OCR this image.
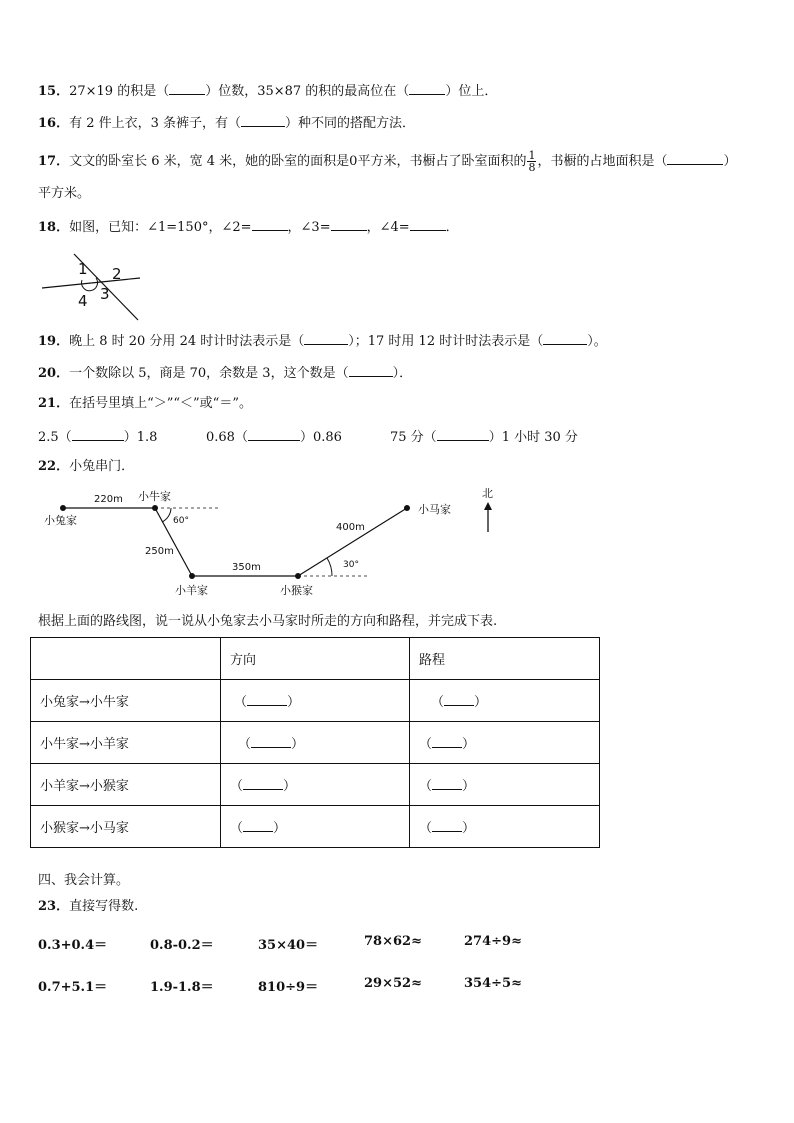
15．27×19 的积是（	）位数，35×87 的积的最高位在（	）位上．
16．有 2 件上衣，3 条裤子，有（	）种不同的搭配方法．
17．文文的卧室长 6 米，宽 4 米，她的卧室的面积是0平方米，书橱占了卧室面积的 $\frac{1}{8}$ ，书橱的占地面积是（	）
平方米。
18．如图，已知：∠1=150°，∠2=	，∠3=	，∠4=	．
1 2
3
4
19．晚上 8 时 20 分用 24 时计时法表示是（	）；17 时用 12 时计时法表示是（	）。
20．一个数除以 5，商是 70，余数是 3，这个数是（	）．
21．在括号里填上“＞”“＜”或“＝”。
2.5（	）1.8	0.68（	）0.86	75 分（	）1 小时 30 分
22．小兔串门．
小兔家
小牛家
小羊家	小猴家
小马家
220m
250m
350m
400m
60°
30°
北
根据上面的路线图，说一说从小兔家去小马家时所走的方向和路程，并完成下表.
	方向	路程
小兔家→小牛家	（ ）	（ ）
小牛家→小羊家	（ ）	（ ）
小羊家→小猴家	（ ）	（ ）
小猴家→小马家	（ ）	（ ）
四、我会计算。
23．直接写得数.
0.3+0.4＝	0.8-0.2＝	35×40＝	78×62≈	274÷9≈
0.7+5.1＝	1.9-1.8＝	810÷9＝	29×52≈	354÷5≈
